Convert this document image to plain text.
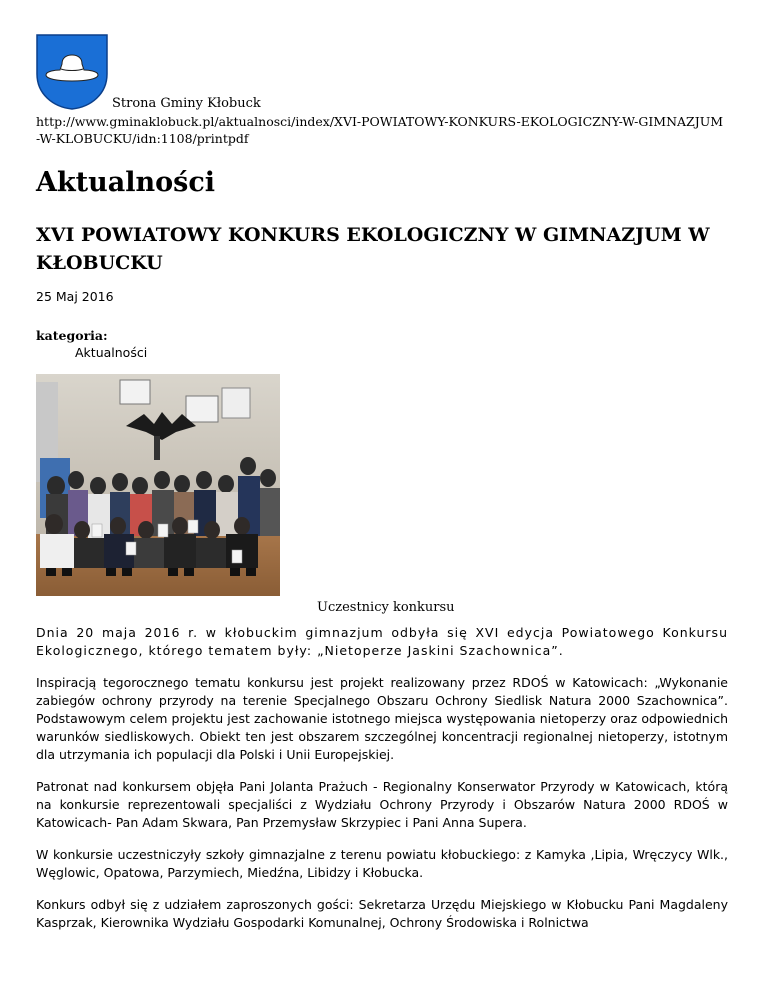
Strona Gminy Kłobuck
http://www.gminaklobuck.pl/aktualnosci/index/XVI-POWIATOWY-KONKURS-EKOLOGICZNY-W-GIMNAZJUM-W-KLOBUCKU/idn:1108/printpdf
Aktualności
XVI POWIATOWY KONKURS EKOLOGICZNY W GIMNAZJUM W KŁOBUCKU
25 Maj 2016
kategoria:
Aktualności
Uczestnicy konkursu

Dnia 20 maja 2016 r. w kłobuckim gimnazjum odbyła się XVI edycja Powiatowego Konkursu Ekologicznego, którego tematem były: „Nietoperze Jaskini Szachownica”.

Inspiracją tegorocznego tematu konkursu jest projekt realizowany przez RDOŚ w Katowicach: „Wykonanie zabiegów ochrony przyrody na terenie Specjalnego Obszaru Ochrony Siedlisk Natura 2000 Szachownica”. Podstawowym celem projektu jest zachowanie istotnego miejsca występowania nietoperzy oraz odpowiednich warunków siedliskowych. Obiekt ten jest obszarem szczególnej koncentracji regionalnej nietoperzy, istotnym dla utrzymania ich populacji dla Polski i Unii Europejskiej.

Patronat nad konkursem objęła Pani Jolanta Prażuch - Regionalny Konserwator Przyrody w Katowicach, którą na konkursie reprezentowali specjaliści z Wydziału Ochrony Przyrody i Obszarów Natura 2000 RDOŚ w Katowicach- Pan Adam Skwara, Pan Przemysław Skrzypiec i Pani Anna Supera.

W konkursie uczestniczyły szkoły gimnazjalne z terenu powiatu kłobuckiego: z Kamyka ,Lipia, Wręczycy Wlk., Węglowic, Opatowa, Parzymiech, Miedźna, Libidzy i Kłobucka.

Konkurs odbył się z udziałem zaproszonych gości: Sekretarza Urzędu Miejskiego w Kłobucku Pani Magdaleny Kasprzak, Kierownika Wydziału Gospodarki Komunalnej, Ochrony Środowiska i Rolnictwa
